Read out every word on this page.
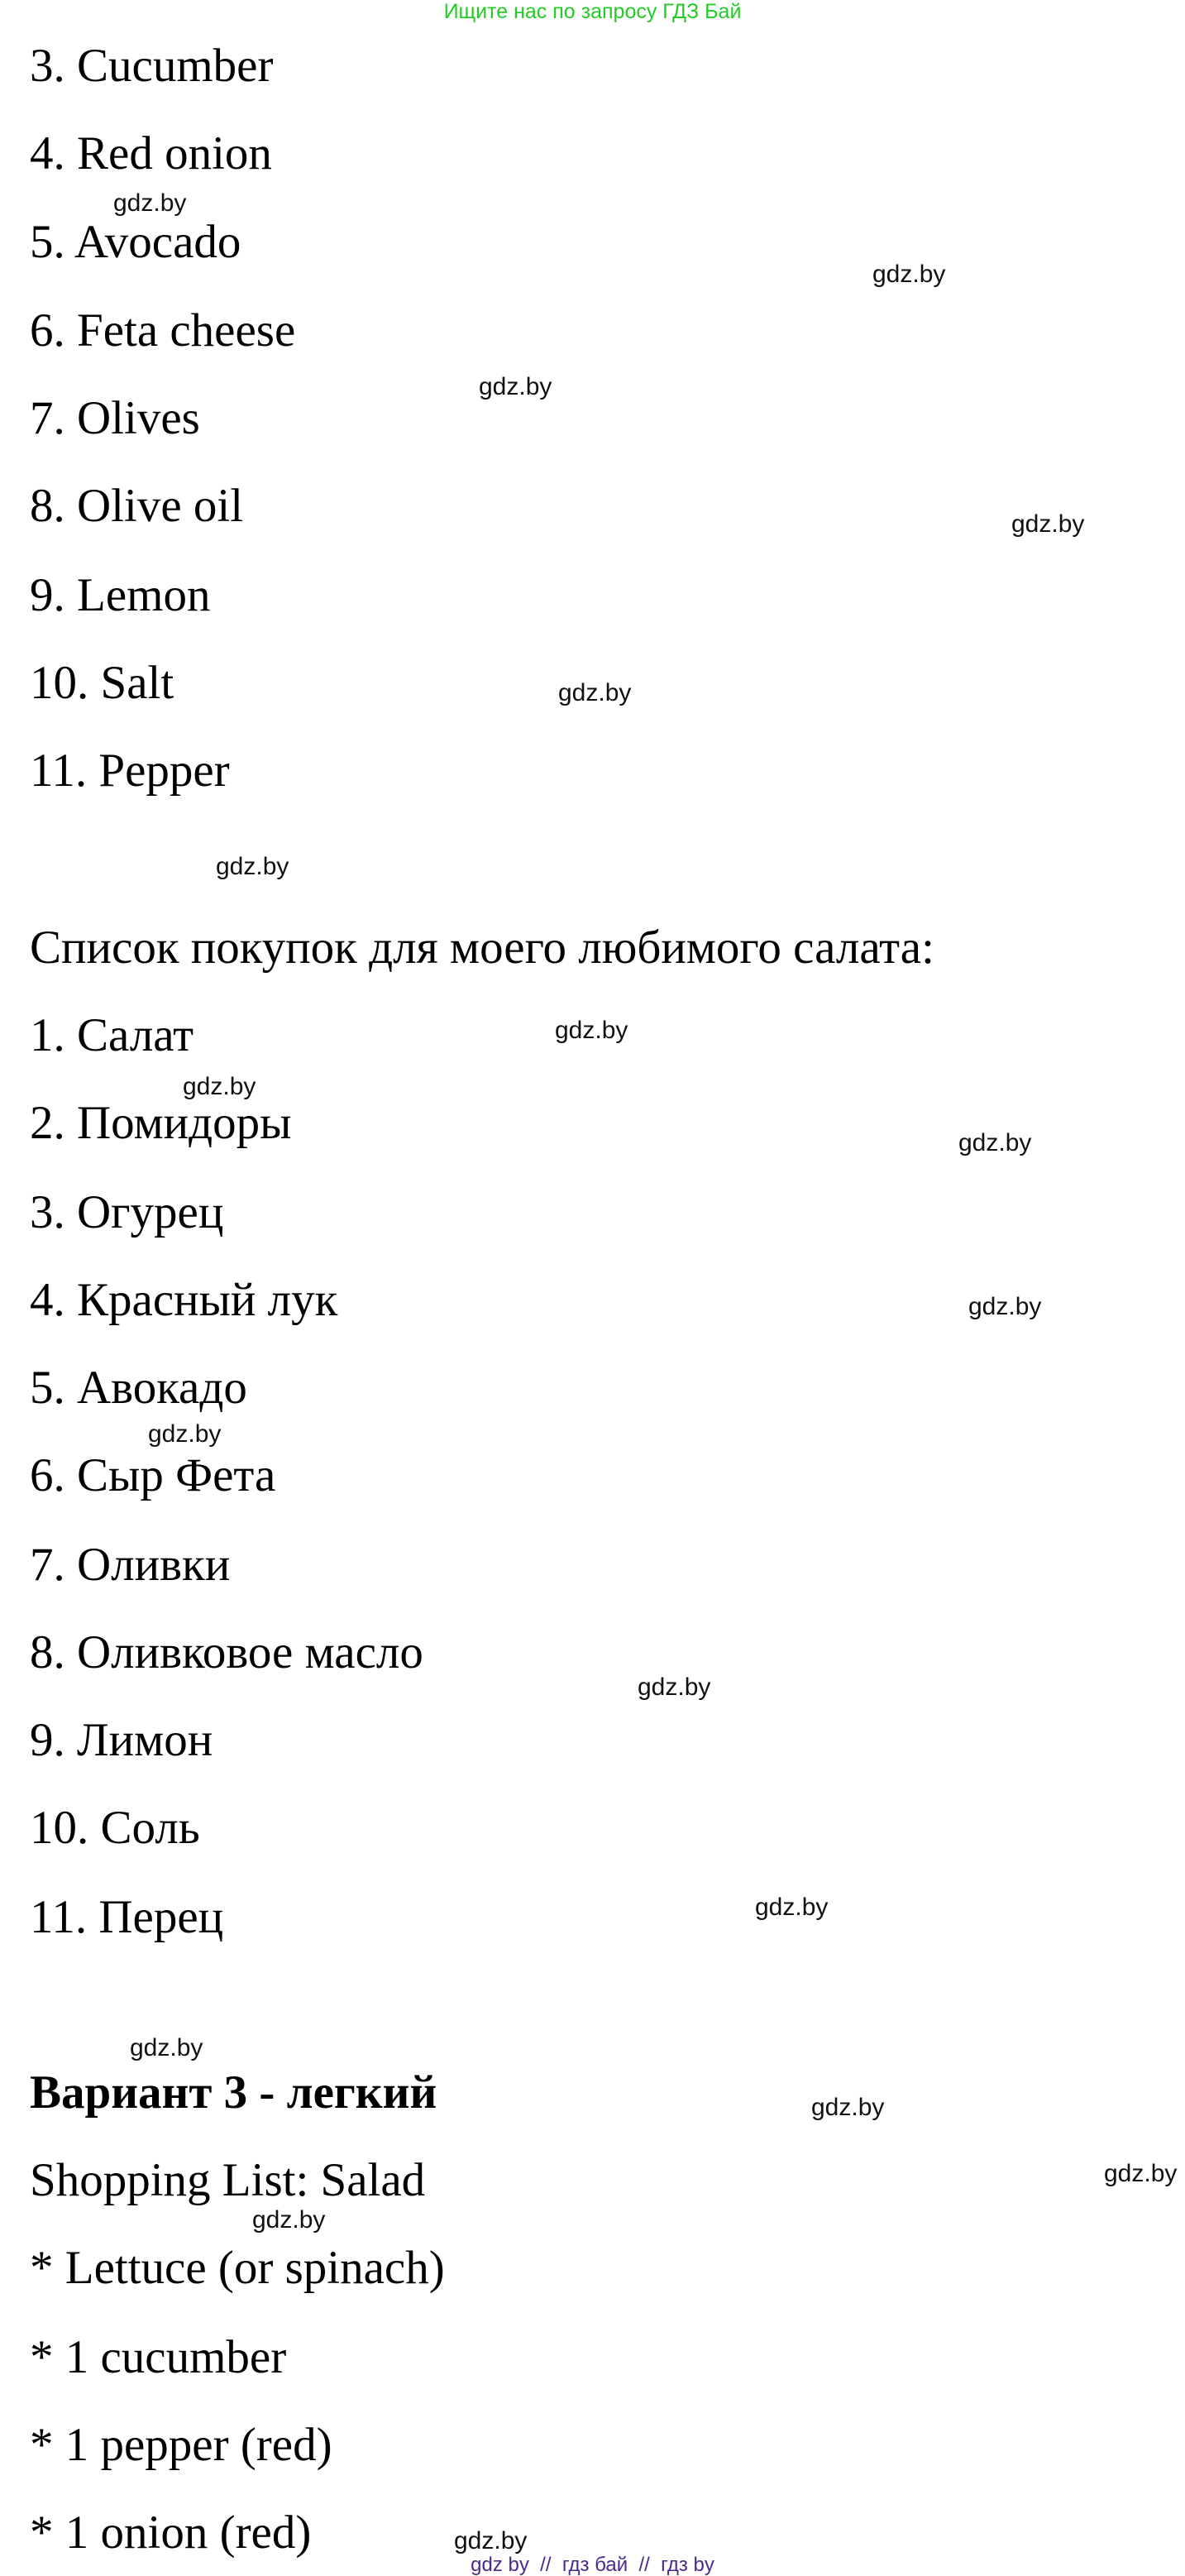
Ищите нас по запросу ГДЗ Бай
3. Cucumber
4. Red onion
5. Avocado
6. Feta cheese
7. Olives
8. Olive oil
9. Lemon
10. Salt
11. Pepper
Список покупок для моего любимого салата:
1. Салат
2. Помидоры
3. Огурец
4. Красный лук
5. Авокадо
6. Сыр Фета
7. Оливки
8. Оливковое масло
9. Лимон
10. Соль
11. Перец
Вариант 3 - легкий
Shopping List: Salad
* Lettuce (or spinach)
* 1 cucumber
* 1 pepper (red)
* 1 onion (red)
gdz.by
gdz.by
gdz.by
gdz.by
gdz.by
gdz.by
gdz.by
gdz.by
gdz.by
gdz.by
gdz.by
gdz.by
gdz.by
gdz.by
gdz.by
gdz.by
gdz.by
gdz.by
gdz by  //  гдз бай  //  гдз by
